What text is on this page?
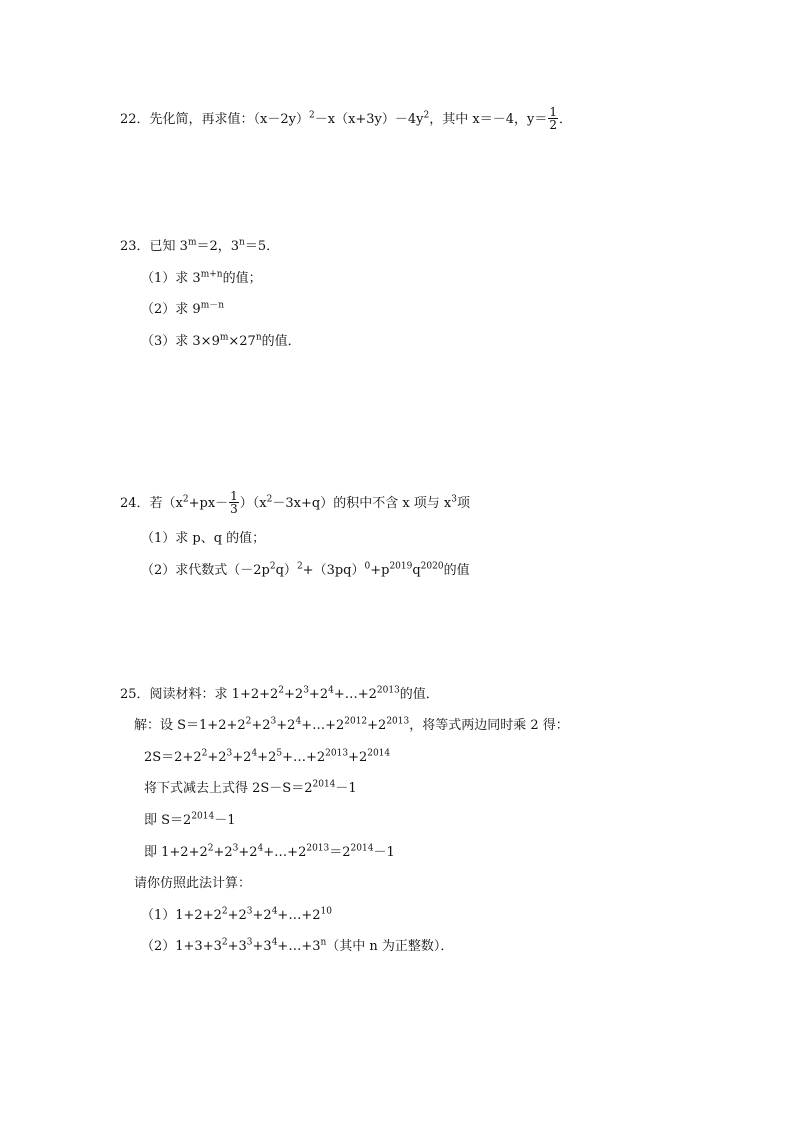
22．先化简，再求值：$(x-2y)^2-x(x+3y)-4y^2$，其中 x＝－4，$y= \frac{1}{2}$ ．
23．已知 $3^m=2$，$3^n=5$．
（1）求 $3^{m+n}$的值；
（2）求 $9^{m-n}$
（3）求 $3\times 9^m\times 27^n$的值．
24．若$(x^2+px- \frac{1}{3} )(x^2-3x+q)$的积中不含 x 项与 $x^3$项
（1）求 p、q 的值；
（2）求代数式$(-2p^2q)^2+(3pq)^0+p^{2019}q^{2020}$的值
25．阅读材料：求 $1+2+2^2+2^3+2^4+\dots+2^{2013}$的值．
解：设 $S=1+2+2^2+2^3+2^4+\dots+2^{2012}+2^{2013}$，将等式两边同时乘 2 得：
$2S=2+2^2+2^3+2^4+2^5+\dots+2^{2013}+2^{2014}$
将下式减去上式得 $2S-S=2^{2014}-1$
即 $S=2^{2014}-1$
即 $1+2+2^2+2^3+2^4+\dots+2^{2013}=2^{2014}-1$
请你仿照此法计算：
$(1)1+2+2^2+2^3+2^4+\dots+2^{10}$
$(2)1+3+3^2+3^3+3^4+\dots+3^n$（其中 n 为正整数）．
